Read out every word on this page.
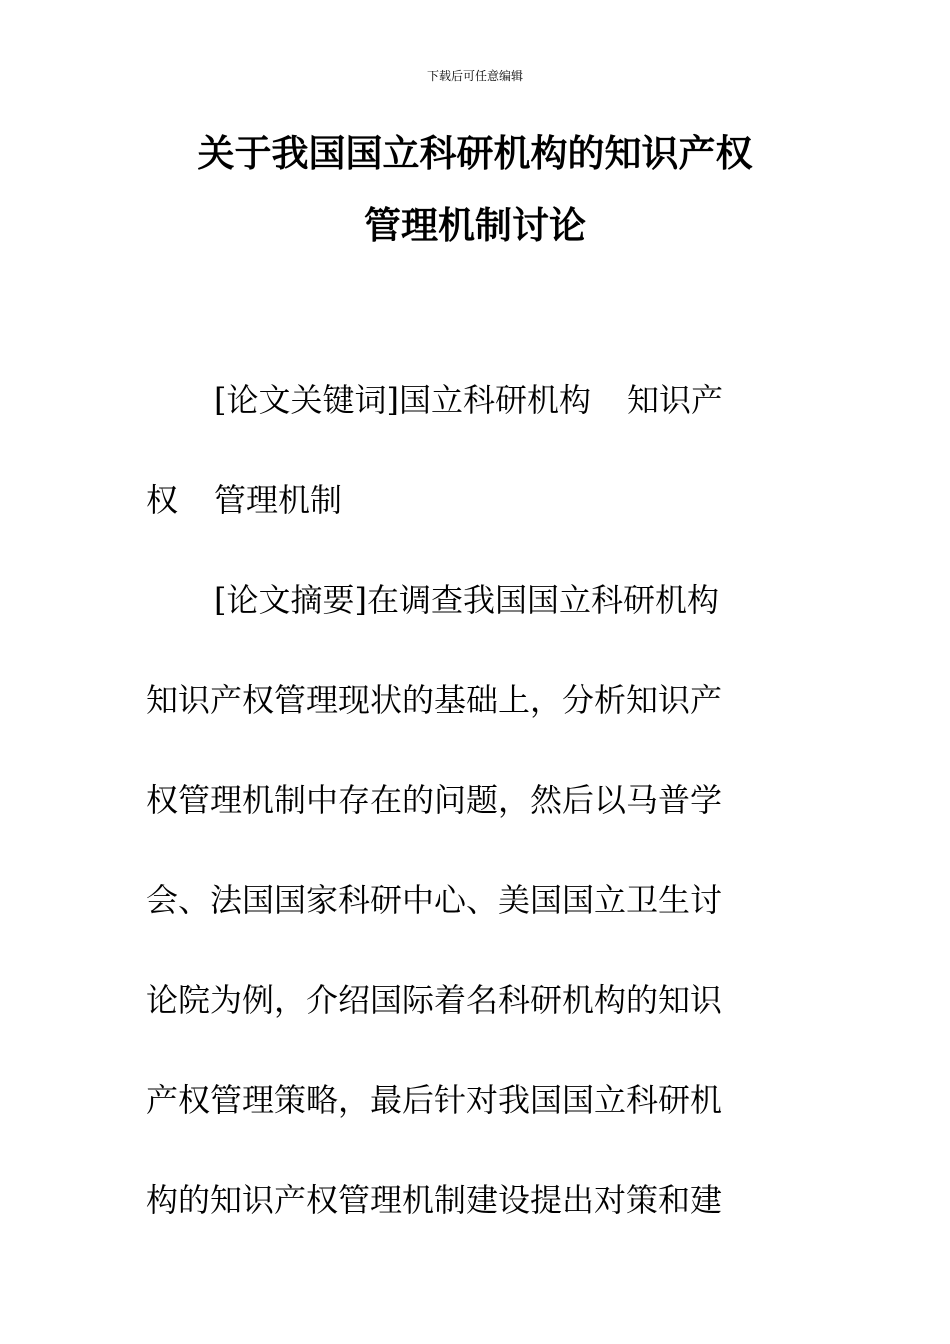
下载后可任意编辑
关于我国国立科研机构的知识产权
管理机制讨论
[论文关键词]国立科研机构 知识产
权 管理机制
[论文摘要]在调查我国国立科研机构
知识产权管理现状的基础上，分析知识产
权管理机制中存在的问题，然后以马普学
会、法国国家科研中心、美国国立卫生讨
论院为例，介绍国际着名科研机构的知识
产权管理策略，最后针对我国国立科研机
构的知识产权管理机制建设提出对策和建
